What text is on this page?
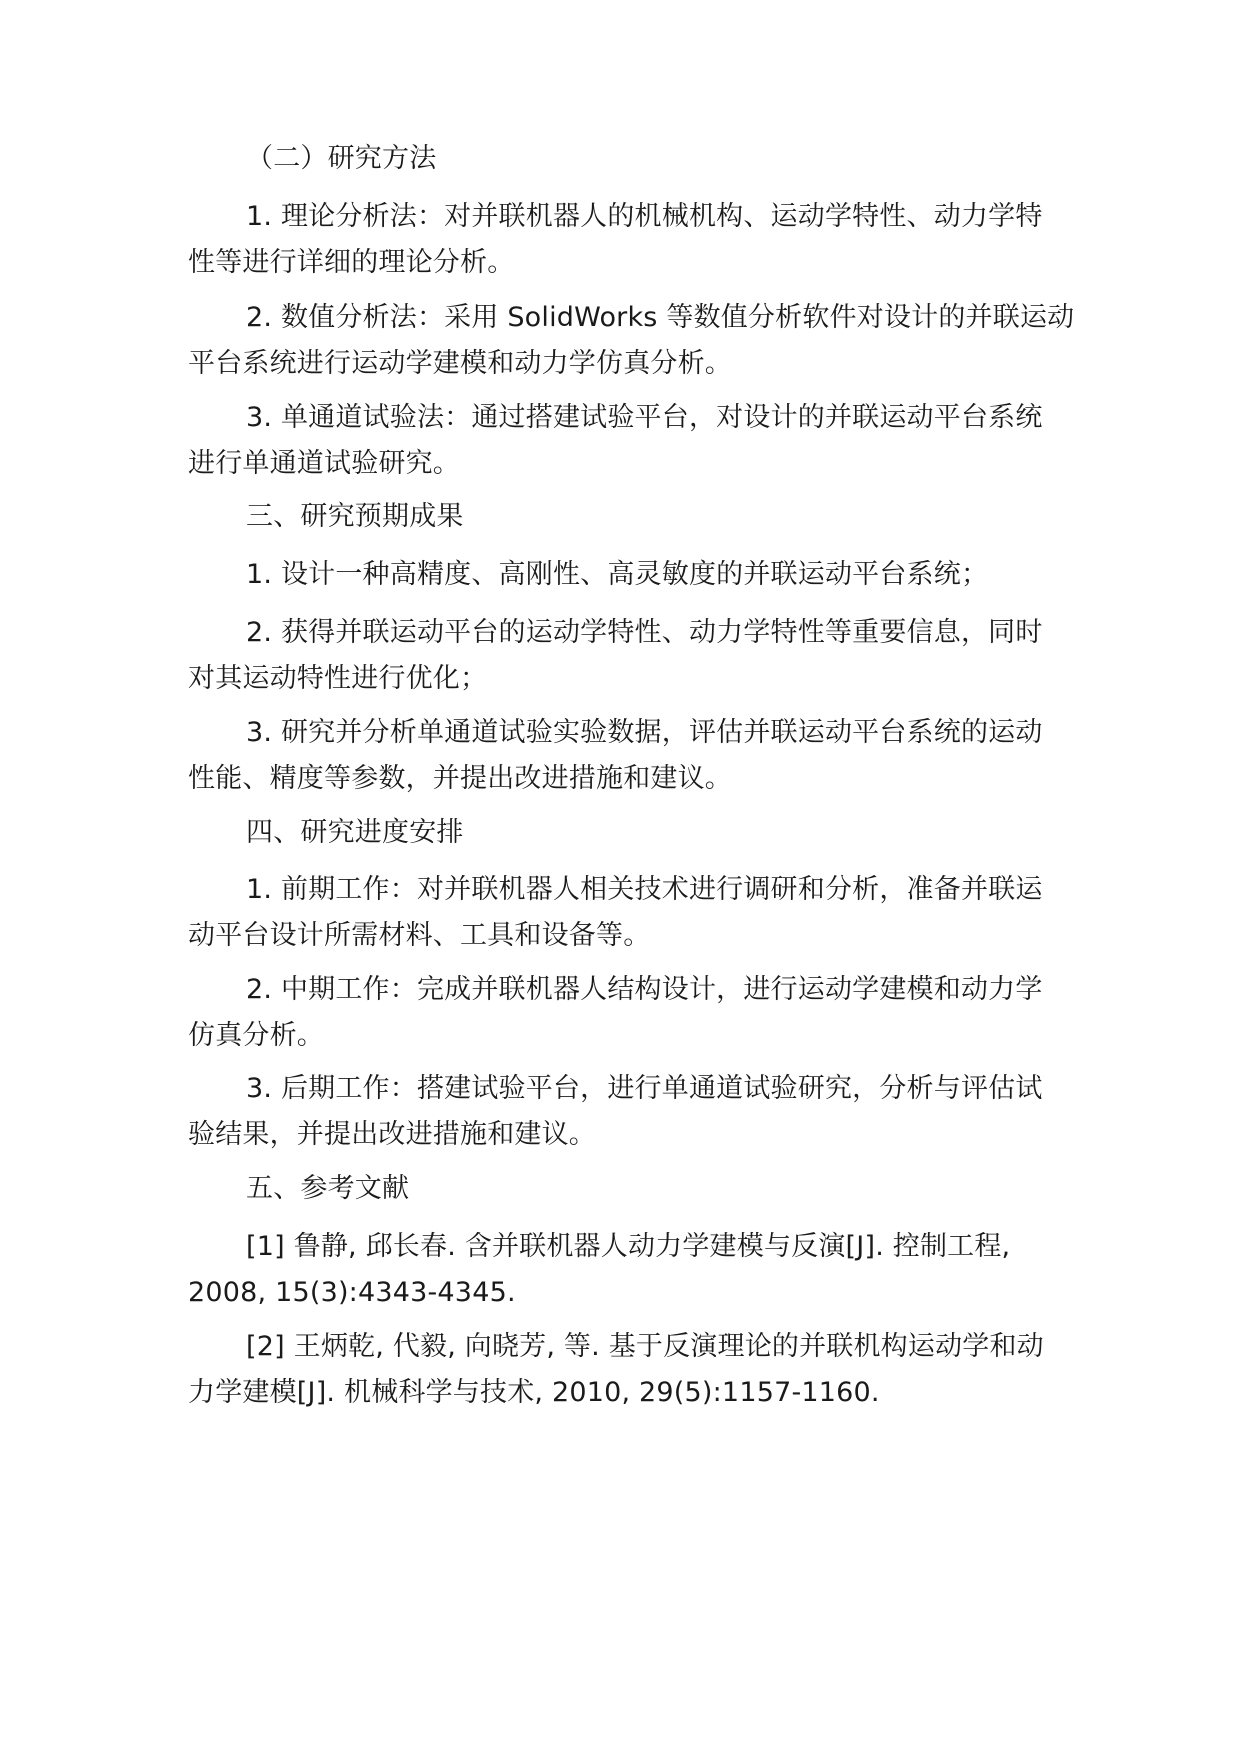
（二）研究方法
1. 理论分析法：对并联机器人的机械机构、运动学特性、动力学特
性等进行详细的理论分析。
2. 数值分析法：采用 SolidWorks 等数值分析软件对设计的并联运动
平台系统进行运动学建模和动力学仿真分析。
3. 单通道试验法：通过搭建试验平台，对设计的并联运动平台系统
进行单通道试验研究。
三、研究预期成果
1. 设计一种高精度、高刚性、高灵敏度的并联运动平台系统；
2. 获得并联运动平台的运动学特性、动力学特性等重要信息，同时
对其运动特性进行优化；
3. 研究并分析单通道试验实验数据，评估并联运动平台系统的运动
性能、精度等参数，并提出改进措施和建议。
四、研究进度安排
1. 前期工作：对并联机器人相关技术进行调研和分析，准备并联运
动平台设计所需材料、工具和设备等。
2. 中期工作：完成并联机器人结构设计，进行运动学建模和动力学
仿真分析。
3. 后期工作：搭建试验平台，进行单通道试验研究，分析与评估试
验结果，并提出改进措施和建议。
五、参考文献
[1] 鲁静, 邱长春. 含并联机器人动力学建模与反演[J]. 控制工程,
2008, 15(3):4343-4345.
[2] 王炳乾, 代毅, 向晓芳, 等. 基于反演理论的并联机构运动学和动
力学建模[J]. 机械科学与技术, 2010, 29(5):1157-1160.
